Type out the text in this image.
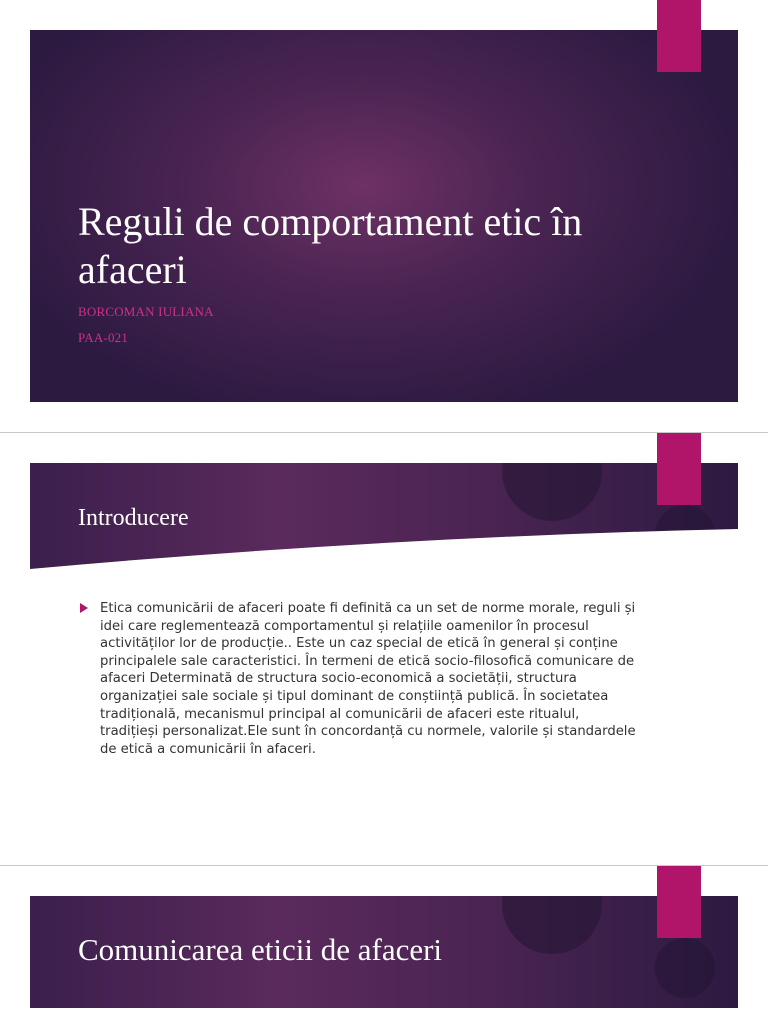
Reguli de comportament etic în afaceri
BORCOMAN IULIANA
PAA-021
Introducere
Etica comunicării de afaceri poate fi definită ca un set de norme morale, reguli și idei care reglementează comportamentul și relațiile oamenilor în procesul activităților lor de producție.. Este un caz special de etică în general și conține principalele sale caracteristici. În termeni de etică socio-filosofică comunicare de afaceri Determinată de structura socio-economică a societății, structura organizației sale sociale și tipul dominant de conștiință publică. În societatea tradițională, mecanismul principal al comunicării de afaceri este ritualul, tradițieși personalizat.Ele sunt în concordanță cu normele, valorile și standardele de etică a comunicării în afaceri.
Comunicarea eticii de afaceri
